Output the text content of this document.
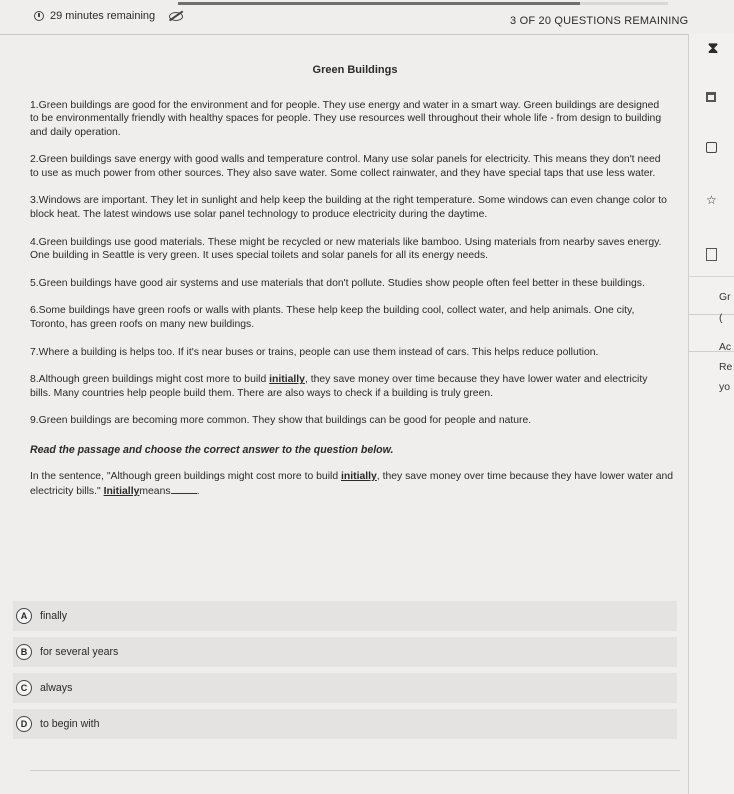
29 minutes remaining	3 OF 20 QUESTIONS REMAINING
Green Buildings

1.Green buildings are good for the environment and for people. They use energy and water in a smart way. Green buildings are designed to be environmentally friendly with healthy spaces for people. They use resources well throughout their whole life - from design to building and daily operation.

2.Green buildings save energy with good walls and temperature control. Many use solar panels for electricity. This means they don't need to use as much power from other sources. They also save water. Some collect rainwater, and they have special taps that use less water.

3.Windows are important. They let in sunlight and help keep the building at the right temperature. Some windows can even change color to block heat. The latest windows use solar panel technology to produce electricity during the daytime.

4.Green buildings use good materials. These might be recycled or new materials like bamboo. Using materials from nearby saves energy. One building in Seattle is very green. It uses special toilets and solar panels for all its energy needs.

5.Green buildings have good air systems and use materials that don't pollute. Studies show people often feel better in these buildings.

6.Some buildings have green roofs or walls with plants. These help keep the building cool, collect water, and help animals. One city, Toronto, has green roofs on many new buildings.

7.Where a building is helps too. If it's near buses or trains, people can use them instead of cars. This helps reduce pollution.

8.Although green buildings might cost more to build initially, they save money over time because they have lower water and electricity bills. Many countries help people build them. There are also ways to check if a building is truly green.

9.Green buildings are becoming more common. They show that buildings can be good for people and nature.

Read the passage and choose the correct answer to the question below.

In the sentence, "Although green buildings might cost more to build initially, they save money over time because they have lower water and electricity bills." Initiallymeans	.

A	finally
B	for several years
C	always
D	to begin with
⧗
☆
Gr
(
Ac
Re
yo
